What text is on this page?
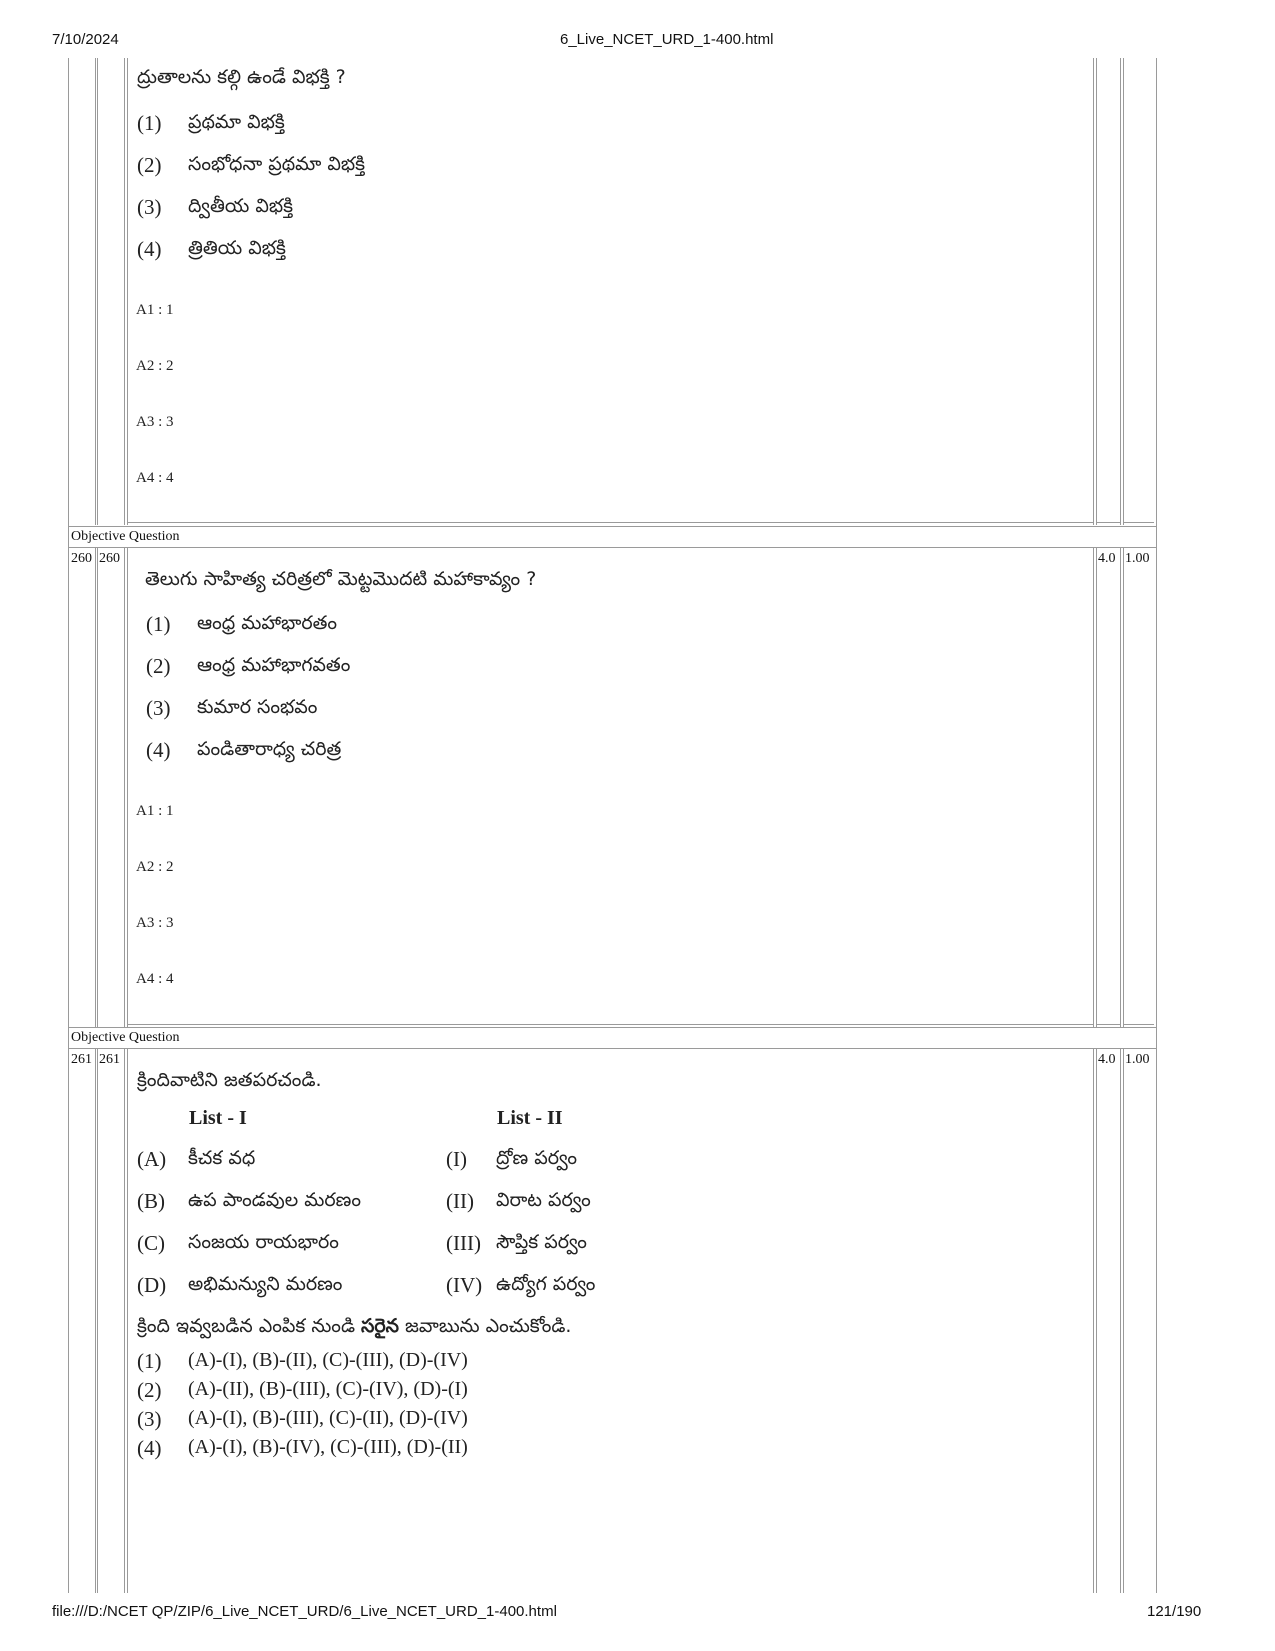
7/10/2024	6_Live_NCET_URD_1-400.html
file:///D:/NCET QP/ZIP/6_Live_NCET_URD/6_Live_NCET_URD_1-400.html	121/190
ద్రుతాలను కల్గి ఉండే విభక్తి ?
(1) ప్రథమా విభక్తి
(2) సంభోధనా ప్రథమా విభక్తి
(3) ద్వితీయ విభక్తి
(4) త్రితియ విభక్తి
A1 : 1
A2 : 2
A3 : 3
A4 : 4
Objective Question
260 260	4.0 1.00
తెలుగు సాహిత్య చరిత్రలో మెట్టమొదటి మహాకావ్యం ?
(1) ఆంధ్ర మహాభారతం
(2) ఆంధ్ర మహాభాగవతం
(3) కుమార సంభవం
(4) పండితారాధ్య చరిత్ర
A1 : 1
A2 : 2
A3 : 3
A4 : 4
Objective Question
261 261	4.0 1.00
క్రిందివాటిని జతపరచండి.
List - I	List - II
(A) కీచక వధ	(I) ద్రోణ పర్వం
(B) ఉప పాండవుల మరణం	(II) విరాట పర్వం
(C) సంజయ రాయభారం	(III) సౌప్తిక పర్వం
(D) అభిమన్యుని మరణం	(IV) ఉద్యోగ పర్వం
క్రింది ఇవ్వబడిన ఎంపిక నుండి సరైన జవాబును ఎంచుకోండి.
(1) (A)-(I), (B)-(II), (C)-(III), (D)-(IV)
(2) (A)-(II), (B)-(III), (C)-(IV), (D)-(I)
(3) (A)-(I), (B)-(III), (C)-(II), (D)-(IV)
(4) (A)-(I), (B)-(IV), (C)-(III), (D)-(II)
